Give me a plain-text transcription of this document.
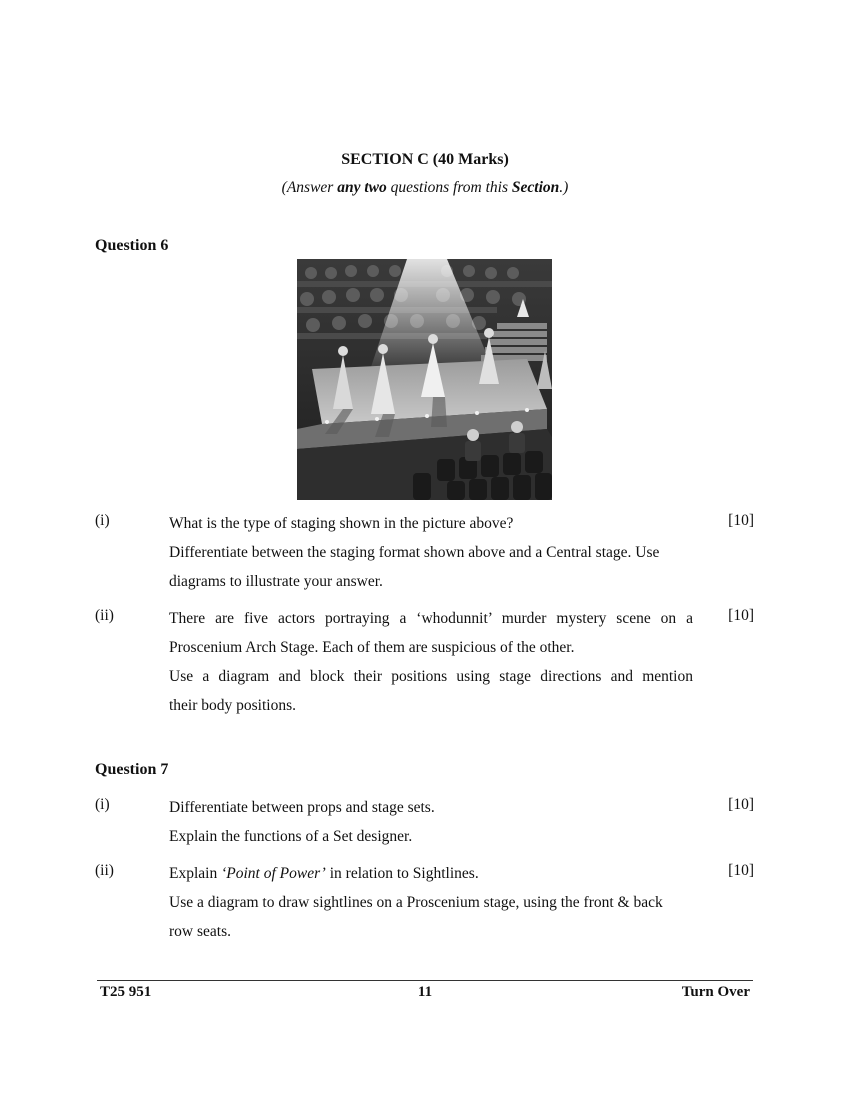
SECTION C (40 Marks)
(Answer any two questions from this Section.)
Question 6
(i)	[10]

What is the type of staging shown in the picture above?

Differentiate between the staging format shown above and a Central stage. Use

diagrams to illustrate your answer.

(ii)	[10]

There are five actors portraying a ‘whodunnit’ murder mystery scene on a

Proscenium Arch Stage. Each of them are suspicious of the other.

Use a diagram and block their positions using stage directions and mention

their body positions.

Question 7
(i)	[10]

Differentiate between props and stage sets.

Explain the functions of a Set designer.

(ii)	[10]

Explain ‘Point of Power’ in relation to Sightlines.

Use a diagram to draw sightlines on a Proscenium stage, using the front & back

row seats.

T25 951	11	Turn Over
